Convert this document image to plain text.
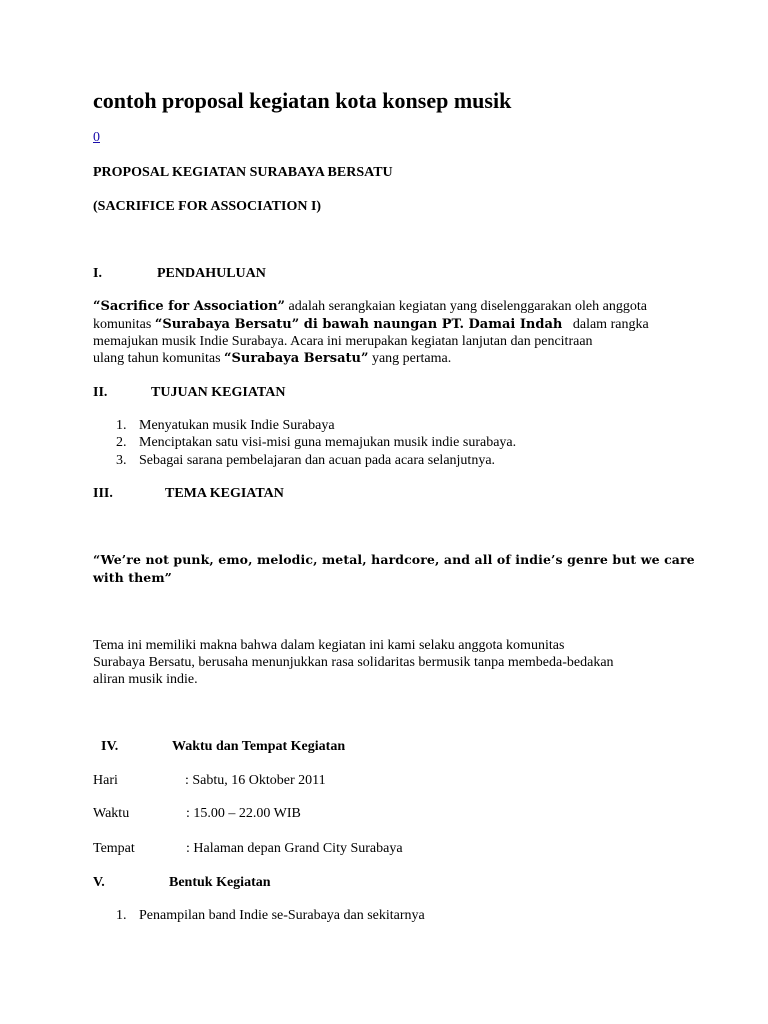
contoh proposal kegiatan kota konsep musik
0
PROPOSAL KEGIATAN SURABAYA BERSATU
(SACRIFICE FOR ASSOCIATION I)
I.	PENDAHULUAN
“Sacrifice for Association” adalah serangkaian kegiatan yang diselenggarakan oleh anggota
komunitas “Surabaya Bersatu” di bawah naungan PT. Damai Indah   dalam rangka
memajukan musik Indie Surabaya. Acara ini merupakan kegiatan lanjutan dan pencitraan
ulang tahun komunitas “Surabaya Bersatu” yang pertama.
II.	TUJUAN KEGIATAN
1. Menyatukan musik Indie Surabaya
2. Menciptakan satu visi-misi guna memajukan musik indie surabaya.
3. Sebagai sarana pembelajaran dan acuan pada acara selanjutnya.
III.	TEMA KEGIATAN
“We’re not punk, emo, melodic, metal, hardcore, and all of indie’s genre but we care
with them”
Tema ini memiliki makna bahwa dalam kegiatan ini kami selaku anggota komunitas
Surabaya Bersatu, berusaha menunjukkan rasa solidaritas bermusik tanpa membeda-bedakan
aliran musik indie.
IV.	Waktu dan Tempat Kegiatan
Hari	: Sabtu, 16 Oktober 2011
Waktu	: 15.00 – 22.00 WIB
Tempat	: Halaman depan Grand City Surabaya
V.	Bentuk Kegiatan
1. Penampilan band Indie se-Surabaya dan sekitarnya
